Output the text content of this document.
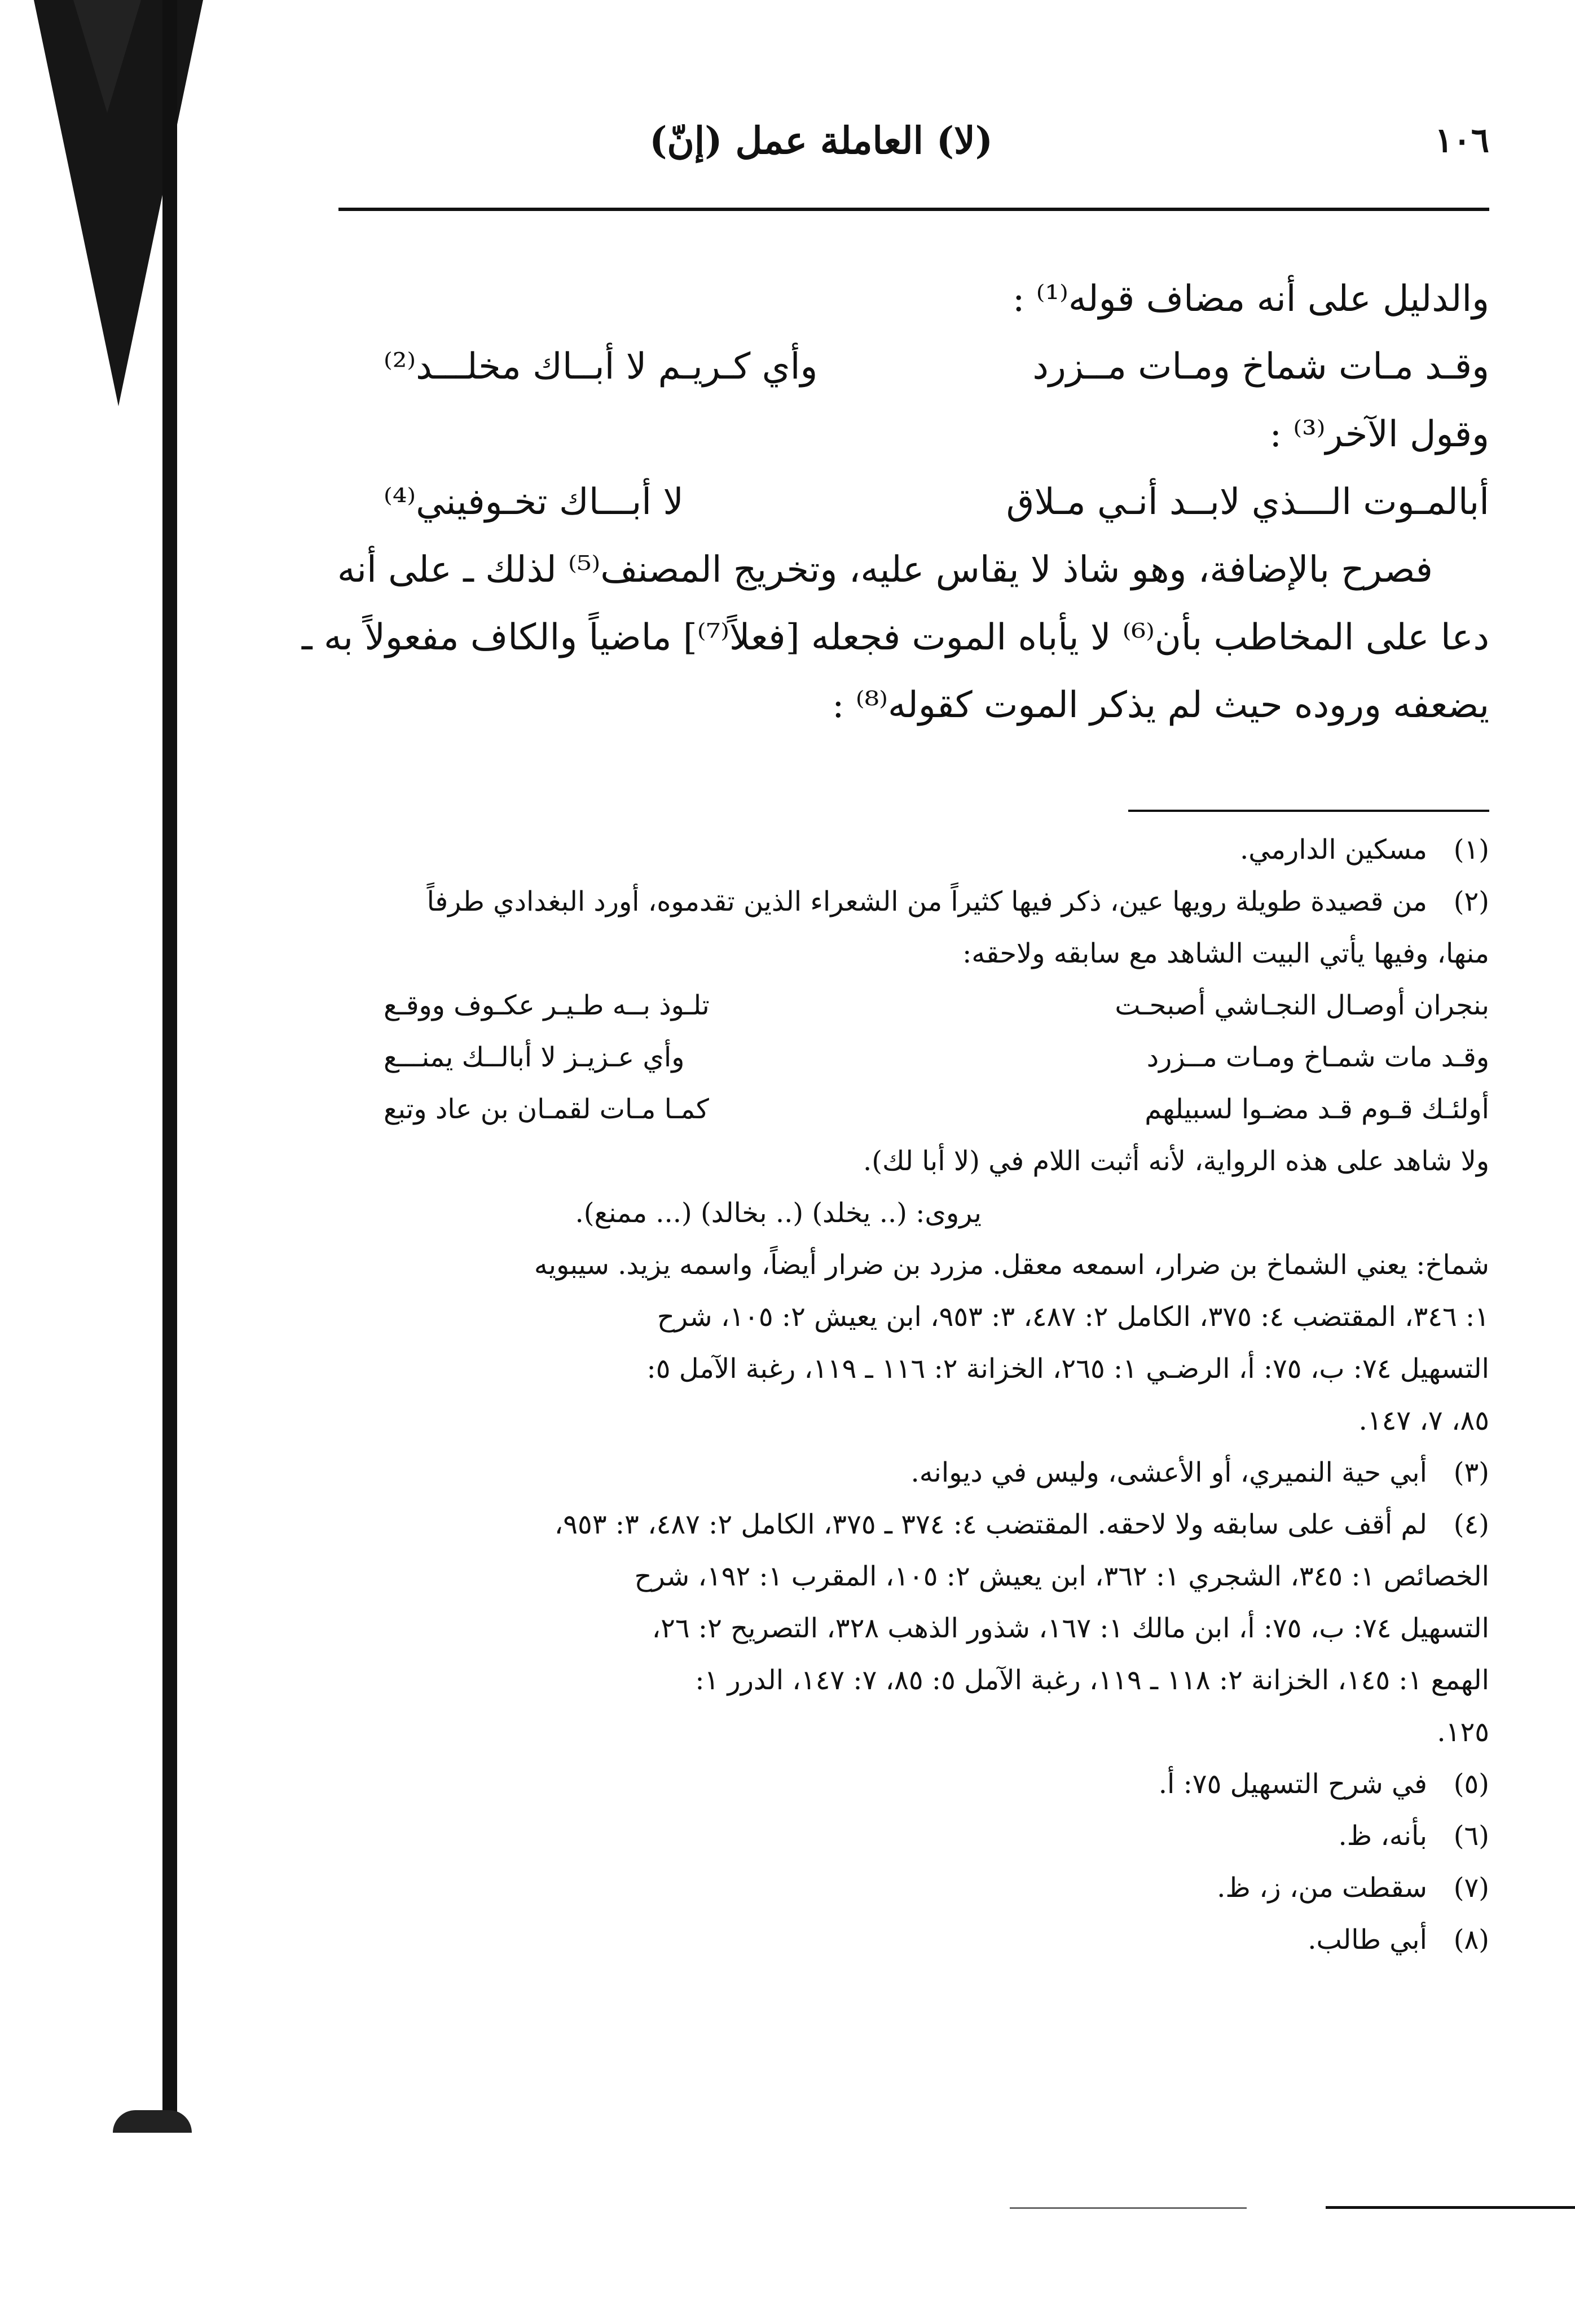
(لا) العاملة عمل (إنّ)	١٠٦
والدليل على أنه مضاف قوله⁽¹⁾ :
وقـد مـات شماخ ومـات مــزرد
وأي كـريـم لا أبــاك مخلـــد⁽²⁾
وقول الآخر⁽³⁾ :
أبالمـوت الـــذي لابــد أنـي مـلاق
لا أبـــاك تخـوفيني⁽⁴⁾
فصرح بالإضافة، وهو شاذ لا يقاس عليه، وتخريج المصنف⁽⁵⁾ لذلك ـ على أنه
دعا على المخاطب بأن⁽⁶⁾ لا يأباه الموت فجعله [فعلاً⁽⁷⁾] ماضياً والكاف مفعولاً به ـ
يضعفه وروده حيث لم يذكر الموت كقوله⁽⁸⁾ :
(١)
مسكين الدارمي.
(٢)
من قصيدة طويلة رويها عين، ذكر فيها كثيراً من الشعراء الذين تقدموه، أورد البغدادي طرفاً
منها، وفيها يأتي البيت الشاهد مع سابقه ولاحقه:
بنجران أوصـال النجـاشي أصبحـت
تلـوذ بــه طـيـر عكـوف ووقـع
وقـد مات شمـاخ ومـات مــزرد
وأي عـزيـز لا أبالــك يمنـــع
أولئـك قـوم قـد مضـوا لسبيلهم
كمـا مـات لقمـان بن عاد وتبع
ولا شاهد على هذه الرواية، لأنه أثبت اللام في (لا أبا لك).
يروى: (.. يخلد) (.. بخالد) (... ممنع).
شماخ: يعني الشماخ بن ضرار، اسمعه معقل. مزرد بن ضرار أيضاً، واسمه يزيد. سيبويه
١: ٣٤٦، المقتضب ٤: ٣٧٥، الكامل ٢: ٤٨٧، ٣: ٩٥٣، ابن يعيش ٢: ١٠٥، شرح
التسهيل ٧٤: ب، ٧٥: أ، الرضـي ١: ٢٦٥، الخزانة ٢: ١١٦ ـ ١١٩، رغبة الآمل ٥:
٨٥، ٧، ١٤٧.
(٣)
أبي حية النميري، أو الأعشى، وليس في ديوانه.
(٤)
لم أقف على سابقه ولا لاحقه. المقتضب ٤: ٣٧٤ ـ ٣٧٥، الكامل ٢: ٤٨٧، ٣: ٩٥٣،
الخصائص ١: ٣٤٥، الشجري ١: ٣٦٢، ابن يعيش ٢: ١٠٥، المقرب ١: ١٩٢، شرح
التسهيل ٧٤: ب، ٧٥: أ، ابن مالك ١: ١٦٧، شذور الذهب ٣٢٨، التصريح ٢: ٢٦،
الهمع ١: ١٤٥، الخزانة ٢: ١١٨ ـ ١١٩، رغبة الآمل ٥: ٨٥، ٧: ١٤٧، الدرر ١:
١٢٥.
(٥)
في شرح التسهيل ٧٥: أ.
(٦)
بأنه، ظ.
(٧)
سقطت من، ز، ظ.
(٨)
أبي طالب.
